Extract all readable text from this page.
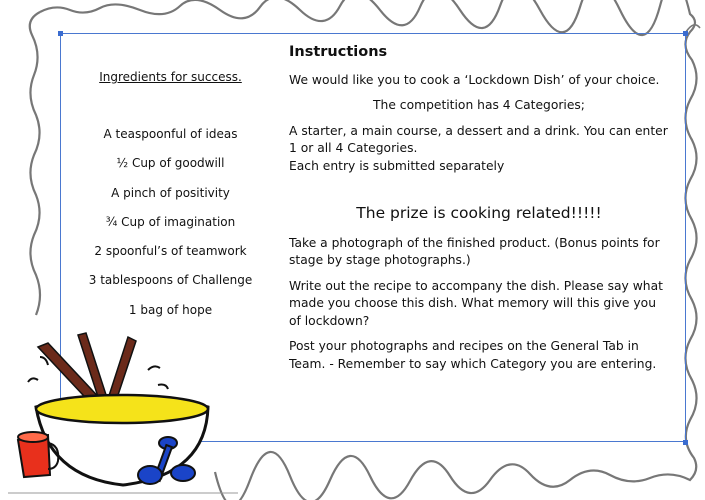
Ingredients for success.
A teaspoonful of ideas
½ Cup of goodwill
A pinch of positivity
¾ Cup of imagination
2 spoonful’s of teamwork
3 tablespoons of Challenge
1 bag of hope
Instructions

We would like you to cook a ‘Lockdown Dish’ of your choice.

The competition has 4 Categories;

A starter, a main course, a dessert and a drink. You can enter 1 or all 4 Categories.

Each entry is submitted separately

The prize is cooking related!!!!!

Take a photograph of the finished product. (Bonus points for stage by stage photographs.)

Write out the recipe to accompany the dish. Please say what made you choose this dish. What memory will this give you of lockdown?

Post your photographs and recipes on the General Tab in Team. - Remember to say which Category you are entering.
